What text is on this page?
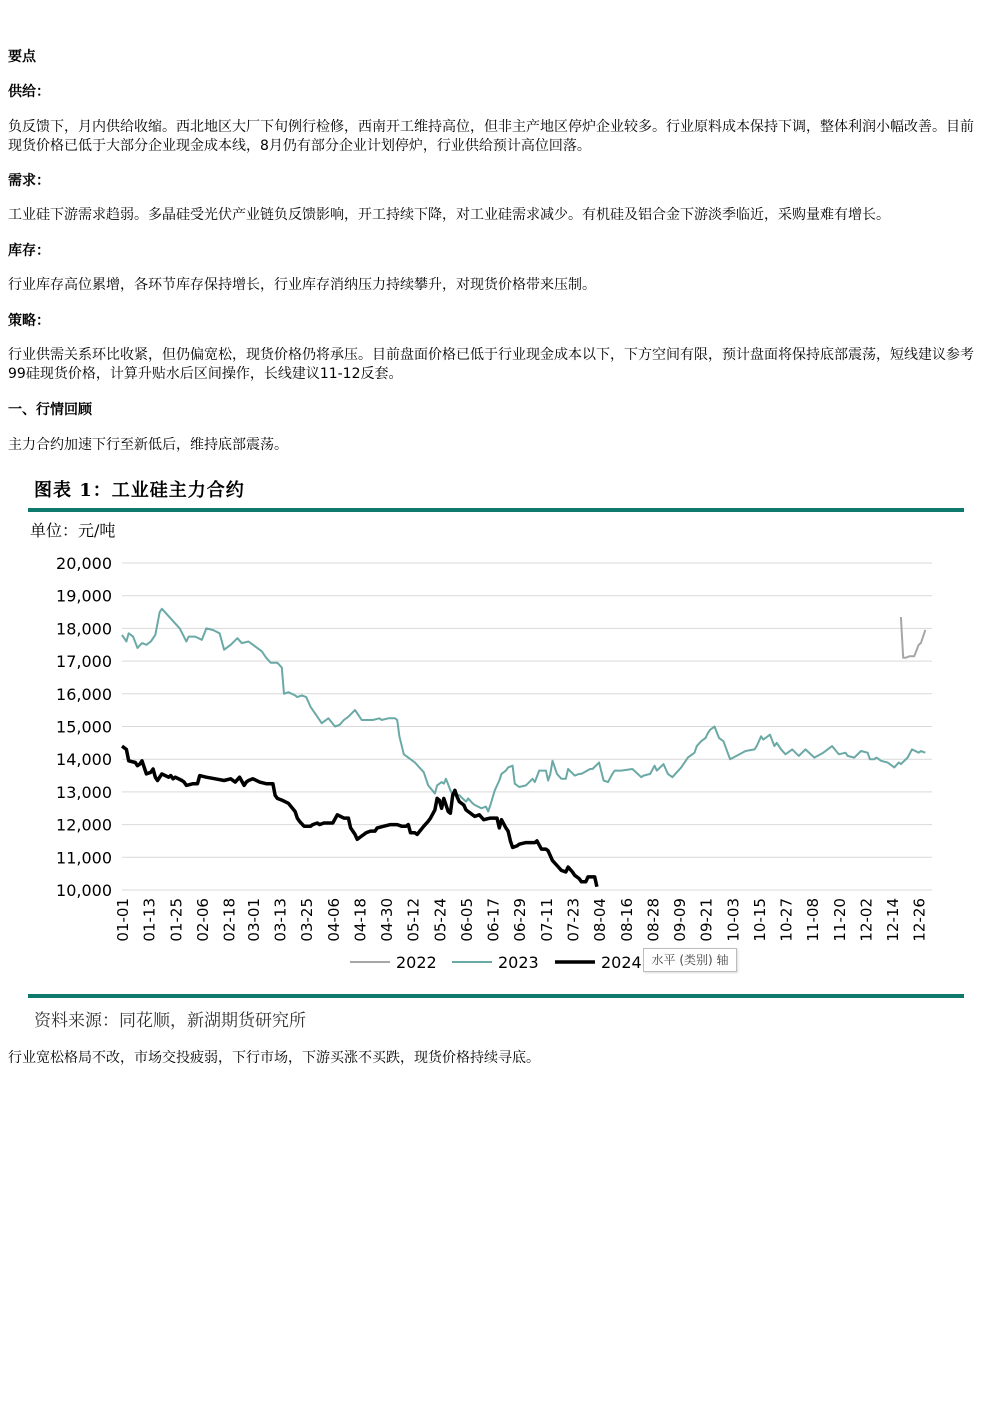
要点
供给：
负反馈下，月内供给收缩。西北地区大厂下旬例行检修，西南开工维持高位，但非主产地区停炉企业较多。行业原料成本保持下调，整体利润小幅改善。目前现货价格已低于大部分企业现金成本线，8月仍有部分企业计划停炉，行业供给预计高位回落。
需求：
工业硅下游需求趋弱。多晶硅受光伏产业链负反馈影响，开工持续下降，对工业硅需求减少。有机硅及铝合金下游淡季临近，采购量难有增长。
库存：
行业库存高位累增，各环节库存保持增长，行业库存消纳压力持续攀升，对现货价格带来压制。
策略：
行业供需关系环比收紧，但仍偏宽松，现货价格仍将承压。目前盘面价格已低于行业现金成本以下，下方空间有限，预计盘面将保持底部震荡，短线建议参考99硅现货价格，计算升贴水后区间操作，长线建议11-12反套。
一、行情回顾
主力合约加速下行至新低后，维持底部震荡。
行业宽松格局不改，市场交投疲弱，下行市场，下游买涨不买跌，现货价格持续寻底。
图表 1：工业硅主力合约
单位：元/吨
10,000
11,000
12,000
13,000
14,000
15,000
16,000
17,000
18,000
19,000
20,000
01-01 01-13 01-25 02-06 02-18 03-01 03-13 03-25 04-06 04-18 04-30 05-12 05-24 06-05 06-17 06-29 07-11 07-23 08-04 08-16 08-28 09-09 09-21 10-03 10-15 10-27 11-08 11-20 12-02 12-14 12-26
2022	2023	2024 水平 (类别) 轴
资料来源：同花顺，新湖期货研究所
